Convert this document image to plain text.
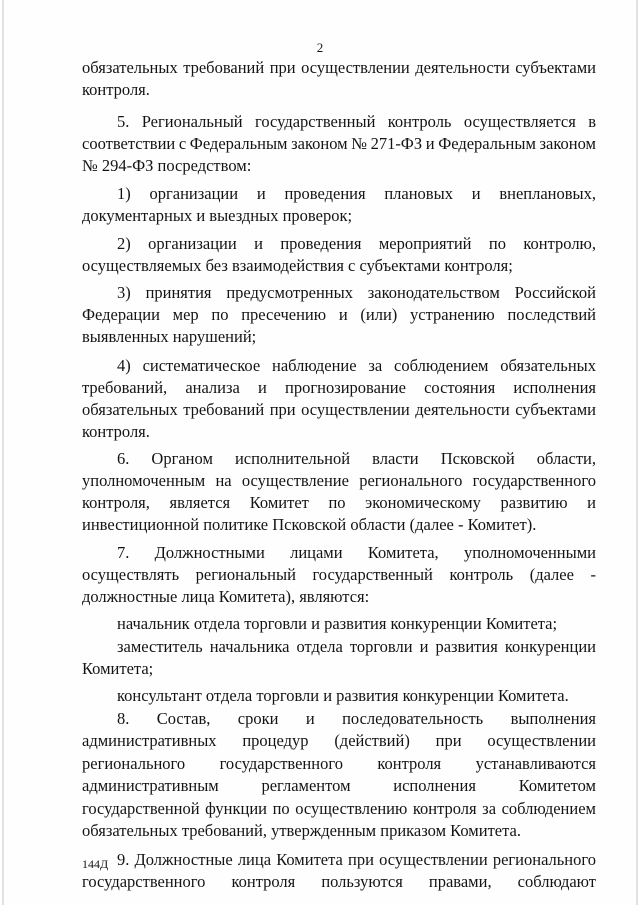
2
обязательных требований при осуществлении деятельности субъектами
контроля.
5. Региональный государственный контроль осуществляется в
соответствии с Федеральным законом № 271-ФЗ и Федеральным законом
№ 294-ФЗ посредством:
1) организации и проведения плановых и внеплановых,
документарных и выездных проверок;
2) организации и проведения мероприятий по контролю,
осуществляемых без взаимодействия с субъектами контроля;
3) принятия предусмотренных законодательством Российской
Федерации мер по пресечению и (или) устранению последствий
выявленных нарушений;
4) систематическое наблюдение за соблюдением обязательных
требований, анализа и прогнозирование состояния исполнения
обязательных требований при осуществлении деятельности субъектами
контроля.
6. Органом исполнительной власти Псковской области,
уполномоченным на осуществление регионального государственного
контроля, является Комитет по экономическому развитию и
инвестиционной политике Псковской области (далее - Комитет).
7. Должностными лицами Комитета, уполномоченными
осуществлять региональный государственный контроль (далее -
должностные лица Комитета), являются:
начальник отдела торговли и развития конкуренции Комитета;
заместитель начальника отдела торговли и развития конкуренции
Комитета;
консультант отдела торговли и развития конкуренции Комитета.
8. Состав, сроки и последовательность выполнения
административных процедур (действий) при осуществлении
регионального государственного контроля устанавливаются
административным	регламентом	исполнения	Комитетом
государственной функции по осуществлению контроля за соблюдением
обязательных требований, утвержденным приказом Комитета.
9. Должностные лица Комитета при осуществлении регионального
государственного контроля пользуются правами, соблюдают
144Д
